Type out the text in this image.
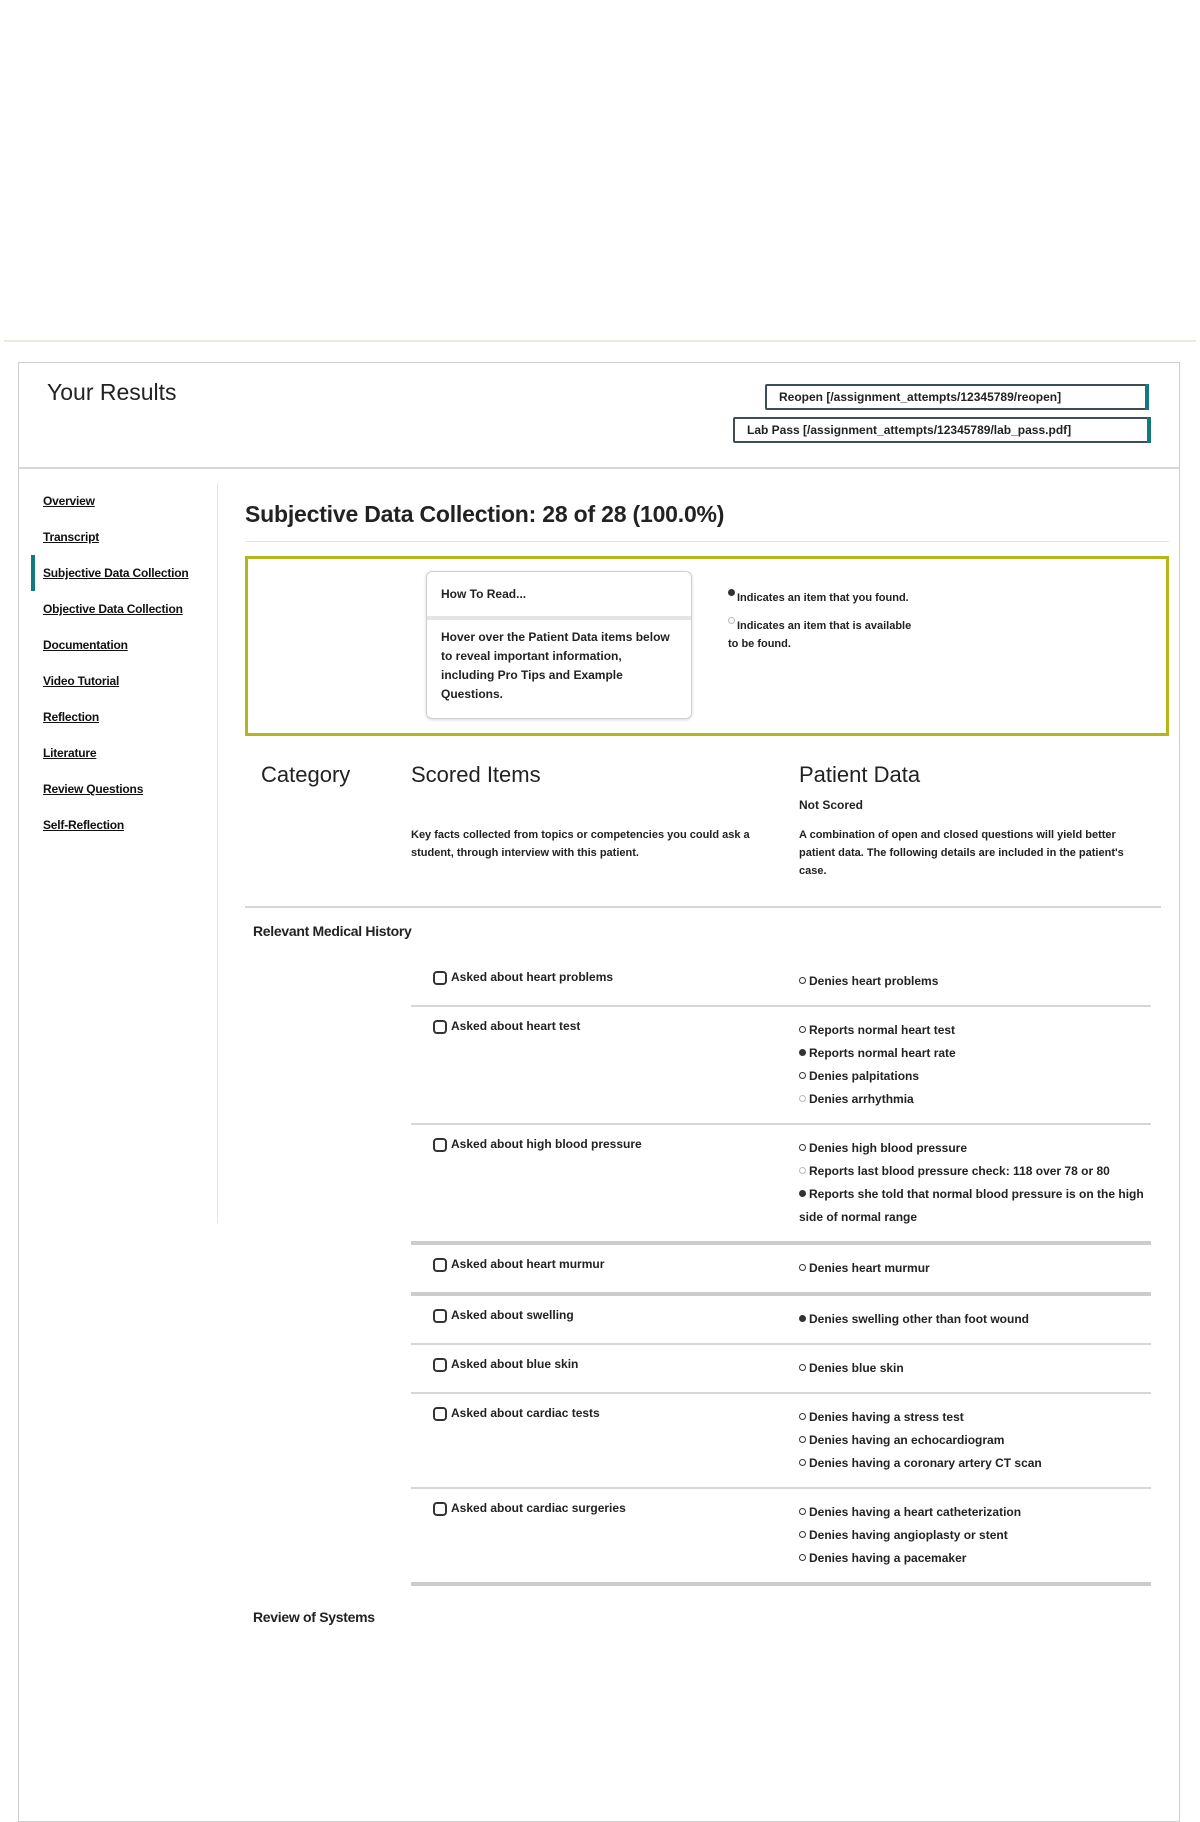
Your Results	Reopen [/assignment_attempts/12345789/reopen]
Lab Pass [/assignment_attempts/12345789/lab_pass.pdf]
Overview
Transcript
Subjective Data Collection
Objective Data Collection
Documentation
Video Tutorial
Reflection
Literature
Review Questions
Self-Reflection
Subjective Data Collection: 28 of 28 (100.0%)
How To Read...
Hover over the Patient Data items below to reveal important information, including Pro Tips and Example Questions.

Indicates an item that you found.

Indicates an item that is available to be found.

Category	Scored Items	Patient Data
Not Scored
Key facts collected from topics or competencies you could ask a student, through interview with this patient.
A combination of open and closed questions will yield better patient data. The following details are included in the patient's case.
Relevant Medical History
Asked about heart problems	Denies heart problems
Asked about heart test	Reports normal heart test
Reports normal heart rate
Denies palpitations
Denies arrhythmia
Asked about high blood pressure	Denies high blood pressure
Reports last blood pressure check: 118 over 78 or 80
Reports she told that normal blood pressure is on the high side of normal range
Asked about heart murmur	Denies heart murmur
Asked about swelling	Denies swelling other than foot wound
Asked about blue skin	Denies blue skin
Asked about cardiac tests	Denies having a stress test
Denies having an echocardiogram
Denies having a coronary artery CT scan
Asked about cardiac surgeries	Denies having a heart catheterization
Denies having angioplasty or stent
Denies having a pacemaker
Review of Systems
